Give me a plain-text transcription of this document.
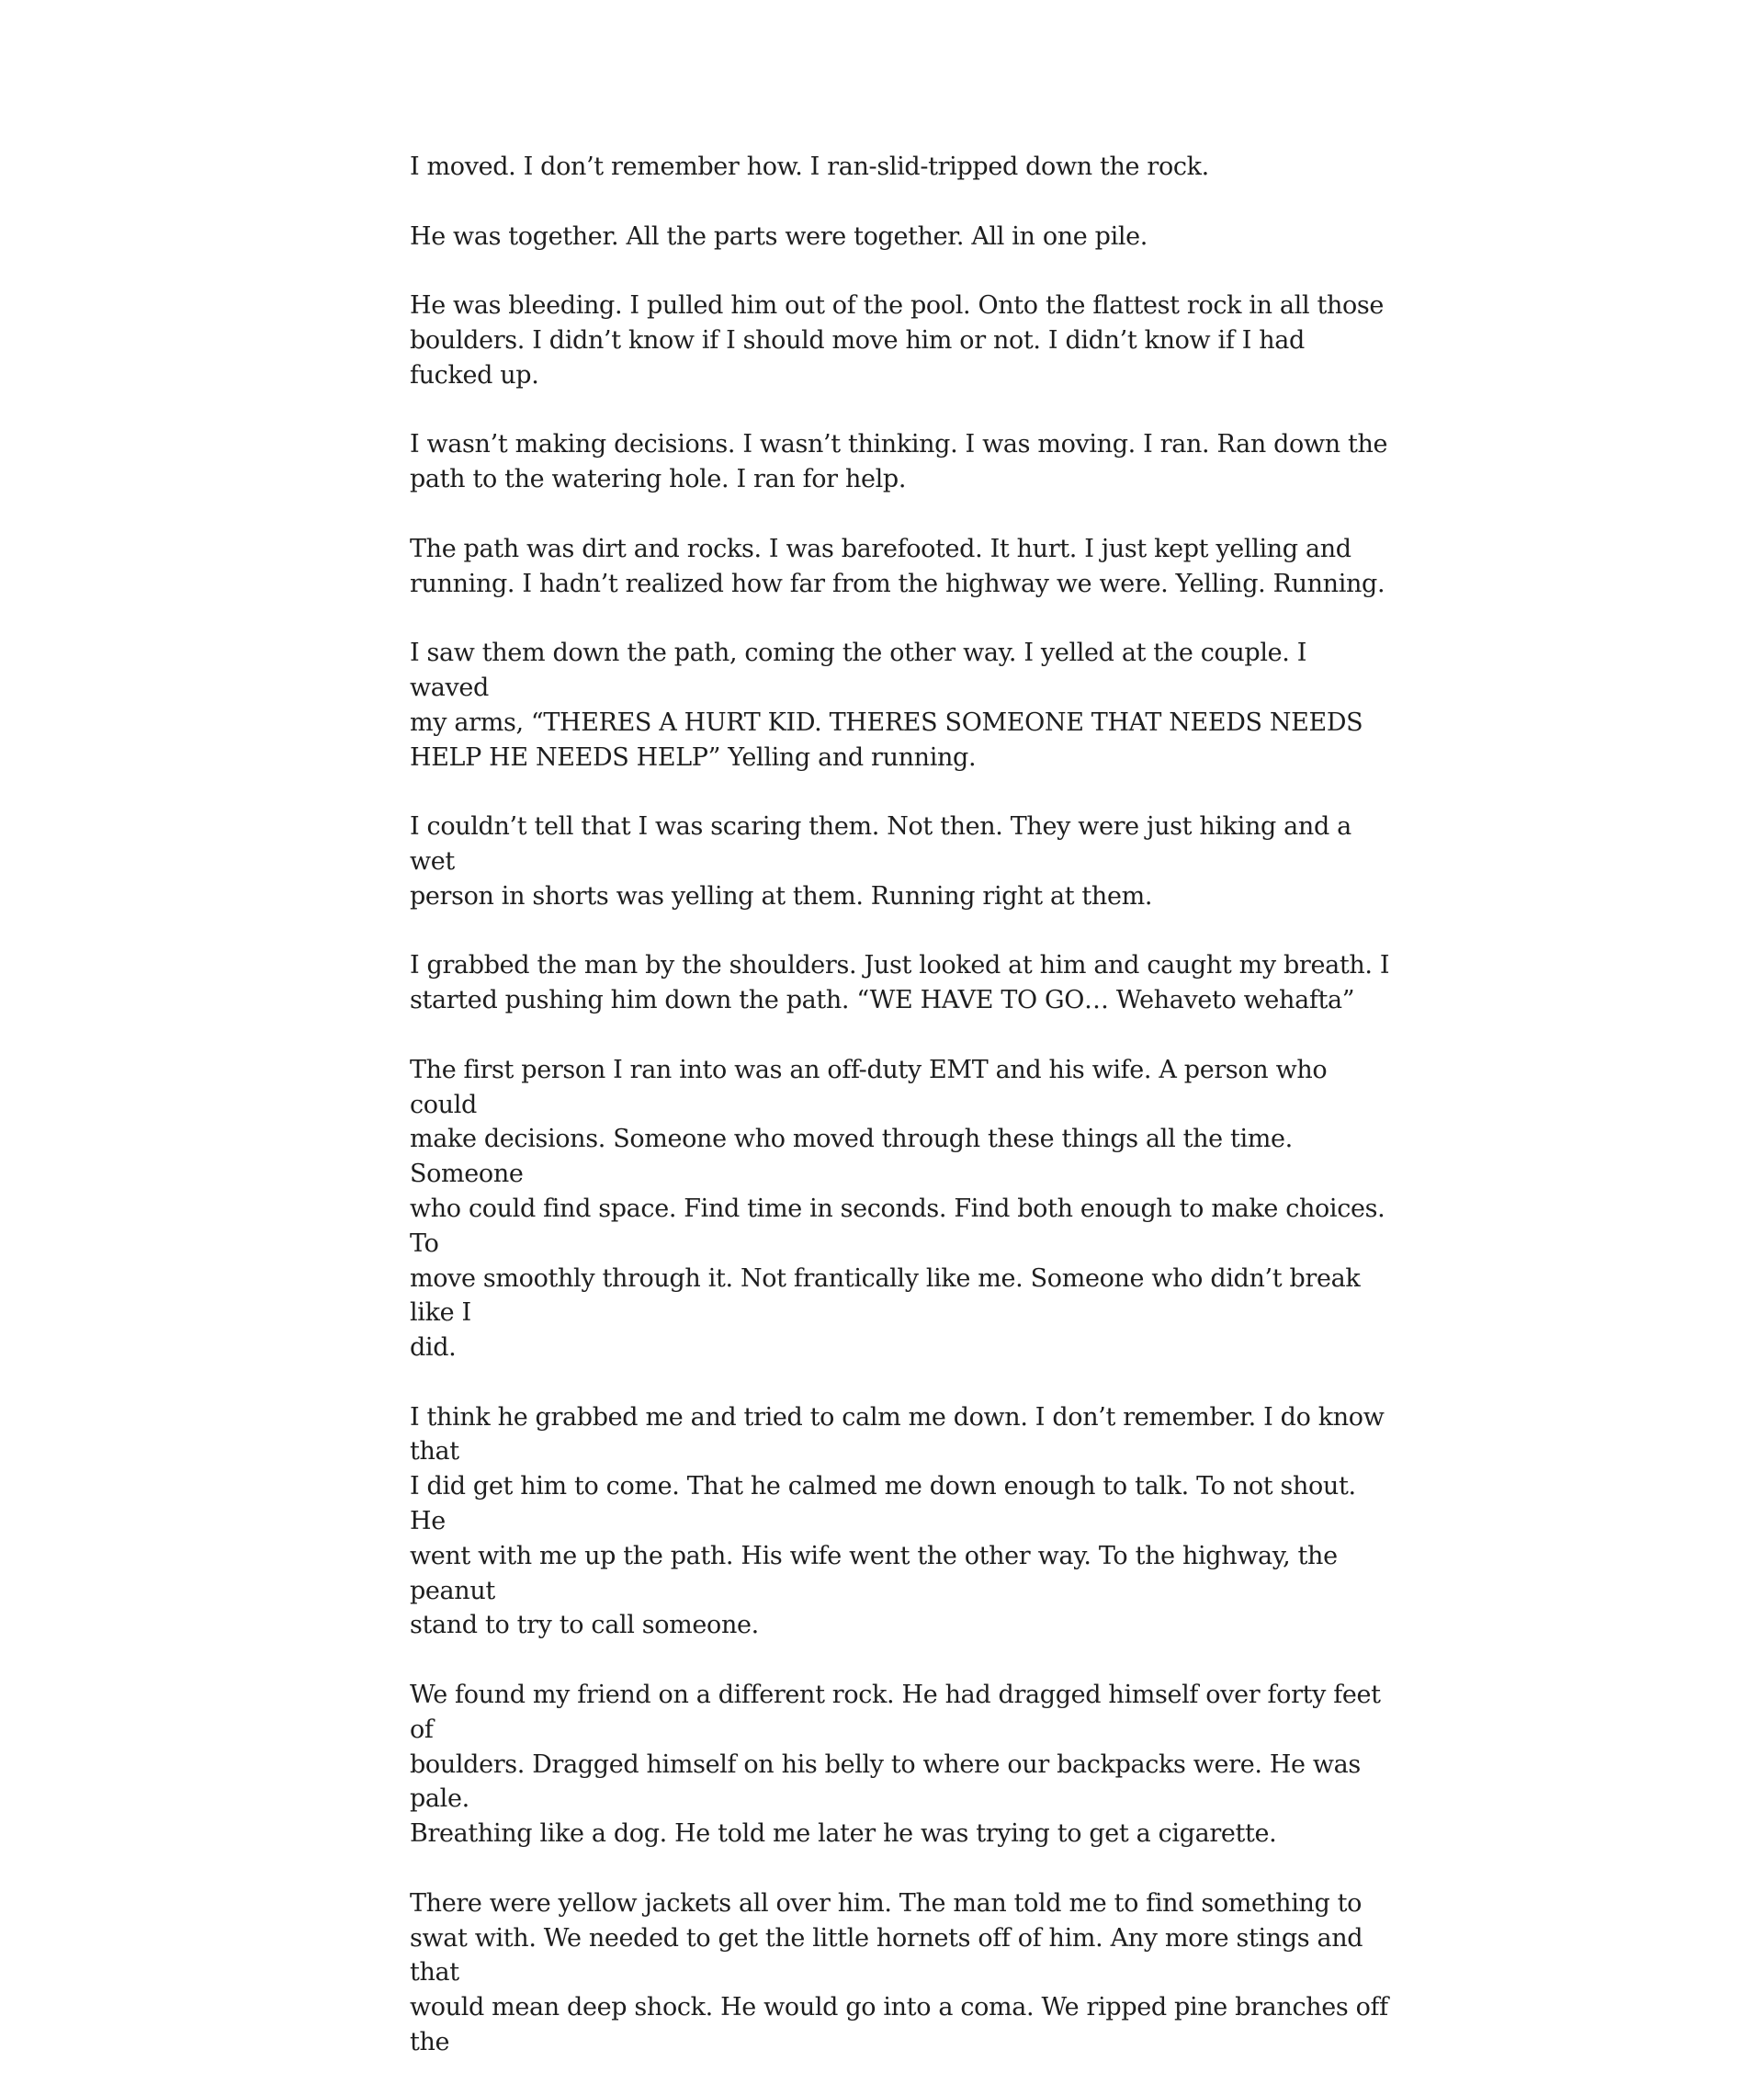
I moved. I don’t remember how. I ran-slid-tripped down the rock.

He was together. All the parts were together. All in one pile.

He was bleeding. I pulled him out of the pool. Onto the flattest rock in all those
boulders. I didn’t know if I should move him or not. I didn’t know if I had
fucked up.

I wasn’t making decisions. I wasn’t thinking. I was moving. I ran. Ran down the
path to the watering hole. I ran for help.

The path was dirt and rocks. I was barefooted. It hurt. I just kept yelling and
running. I hadn’t realized how far from the highway we were. Yelling. Running.

I saw them down the path, coming the other way. I yelled at the couple. I waved
my arms, “THERES A HURT KID. THERES SOMEONE THAT NEEDS NEEDS
HELP HE NEEDS HELP” Yelling and running.

I couldn’t tell that I was scaring them. Not then. They were just hiking and a wet
person in shorts was yelling at them. Running right at them.

I grabbed the man by the shoulders. Just looked at him and caught my breath. I
started pushing him down the path. “WE HAVE TO GO… Wehaveto wehafta”

The first person I ran into was an off-duty EMT and his wife. A person who could
make decisions. Someone who moved through these things all the time. Someone
who could find space. Find time in seconds. Find both enough to make choices. To
move smoothly through it. Not frantically like me. Someone who didn’t break like I
did.

I think he grabbed me and tried to calm me down. I don’t remember. I do know that
I did get him to come. That he calmed me down enough to talk. To not shout. He
went with me up the path. His wife went the other way. To the highway, the peanut
stand to try to call someone.

We found my friend on a different rock. He had dragged himself over forty feet of
boulders. Dragged himself on his belly to where our backpacks were. He was pale.
Breathing like a dog. He told me later he was trying to get a cigarette.

There were yellow jackets all over him. The man told me to find something to
swat with. We needed to get the little hornets off of him. Any more stings and that
would mean deep shock. He would go into a coma. We ripped pine branches off the
